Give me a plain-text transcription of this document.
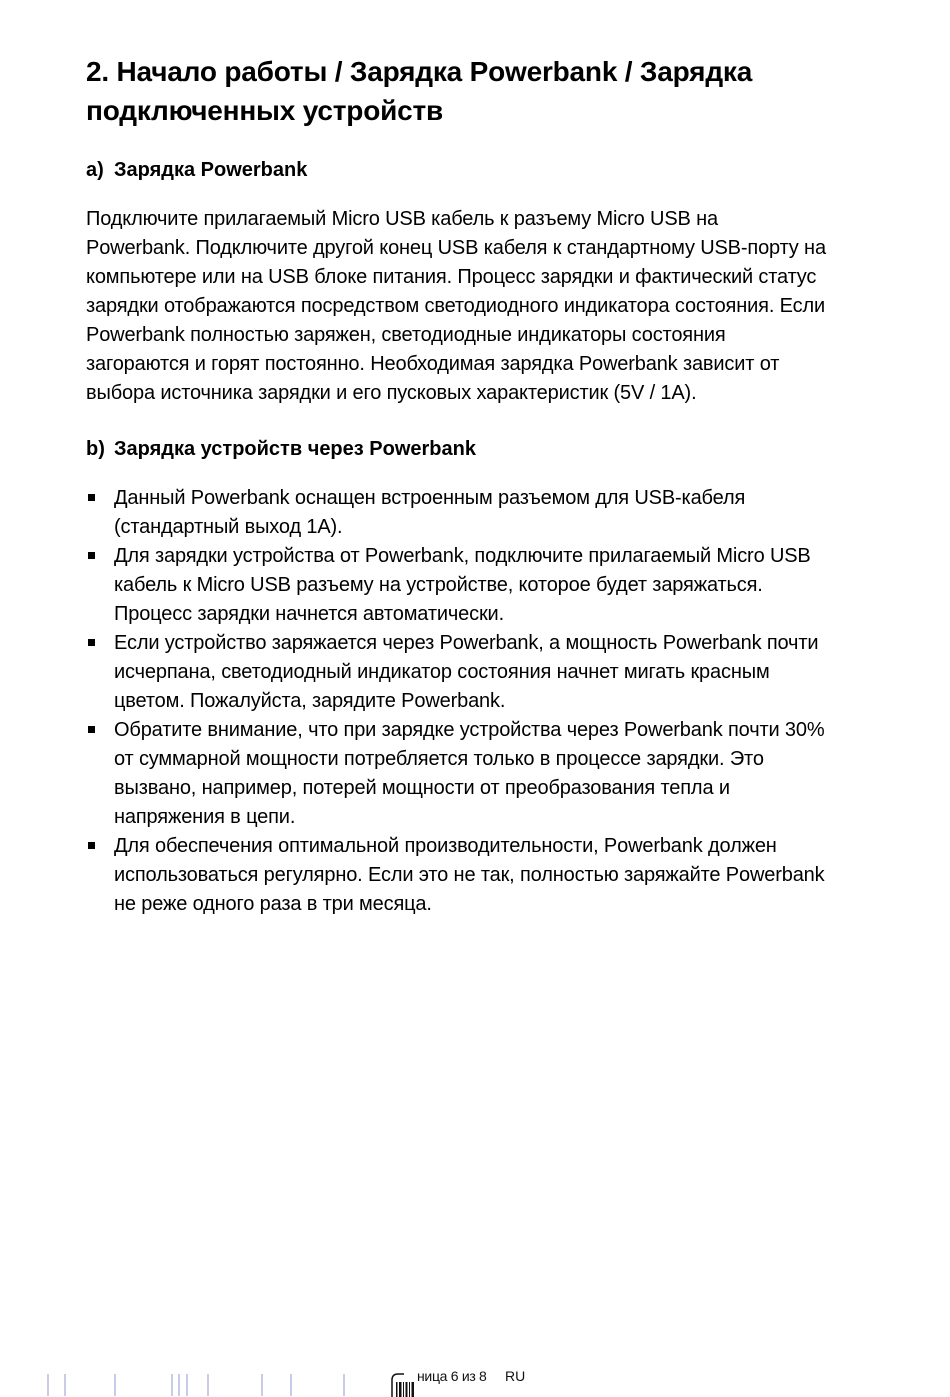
2. Начало работы / Зарядка Powerbank / Зарядка подключенных устройств
a) Зарядка Powerbank

Подключите прилагаемый Micro USB кабель к разъему Micro USB на Powerbank. Подключите другой конец USB кабеля к стандартному USB-порту на компьютере или на USB блоке питания. Процесс зарядки и фактический статус зарядки отображаются посредством светодиодного индикатора состояния. Если Powerbank полностью заряжен, светодиодные индикаторы состояния загораются и горят постоянно. Необходимая зарядка Powerbank зависит от выбора источника зарядки и его пусковых характеристик (5V / 1A).

b) Зарядка устройств через Powerbank
Данный Powerbank оснащен встроенным разъемом для USB-кабеля (стандартный выход 1А).
Для зарядки устройства от Powerbank, подключите прилагаемый Micro USB кабель к Micro USB разъему на устройстве, которое будет заряжаться. Процесс зарядки начнется автоматически.
Если устройство заряжается через Powerbank, а мощность Powerbank почти исчерпана, светодиодный индикатор состояния начнет мигать красным цветом. Пожалуйста, зарядите Powerbank.
Обратите внимание, что при зарядке устройства через Powerbank почти 30% от суммарной мощности потребляется только в процессе зарядки. Это вызвано, например, потерей мощности от преобразования тепла и напряжения в цепи.
Для обеспечения оптимальной производительности, Powerbank должен использоваться регулярно. Если это не так, полностью заряжайте Powerbank не реже одного раза в три месяца.
ница 6 из 8 RU
